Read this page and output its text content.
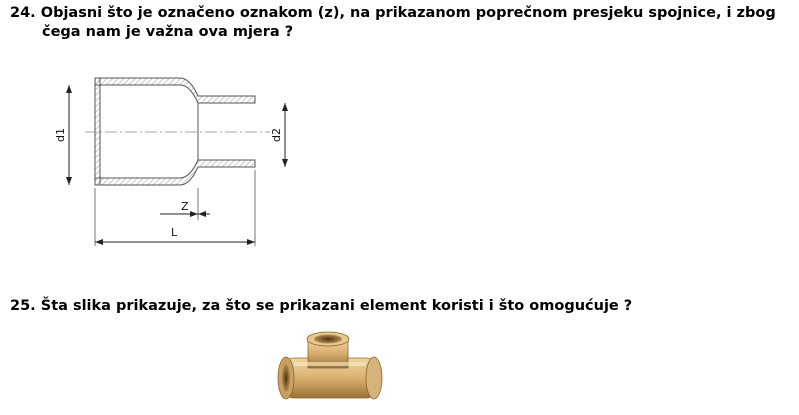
24. Objasni što je označeno oznakom (z), na prikazanom poprečnom presjeku spojnice, i zbog
čega nam je važna ova mjera ?
d1	d2
Z
L
25. Šta slika prikazuje, za što se prikazani element koristi i što omogućuje ?
